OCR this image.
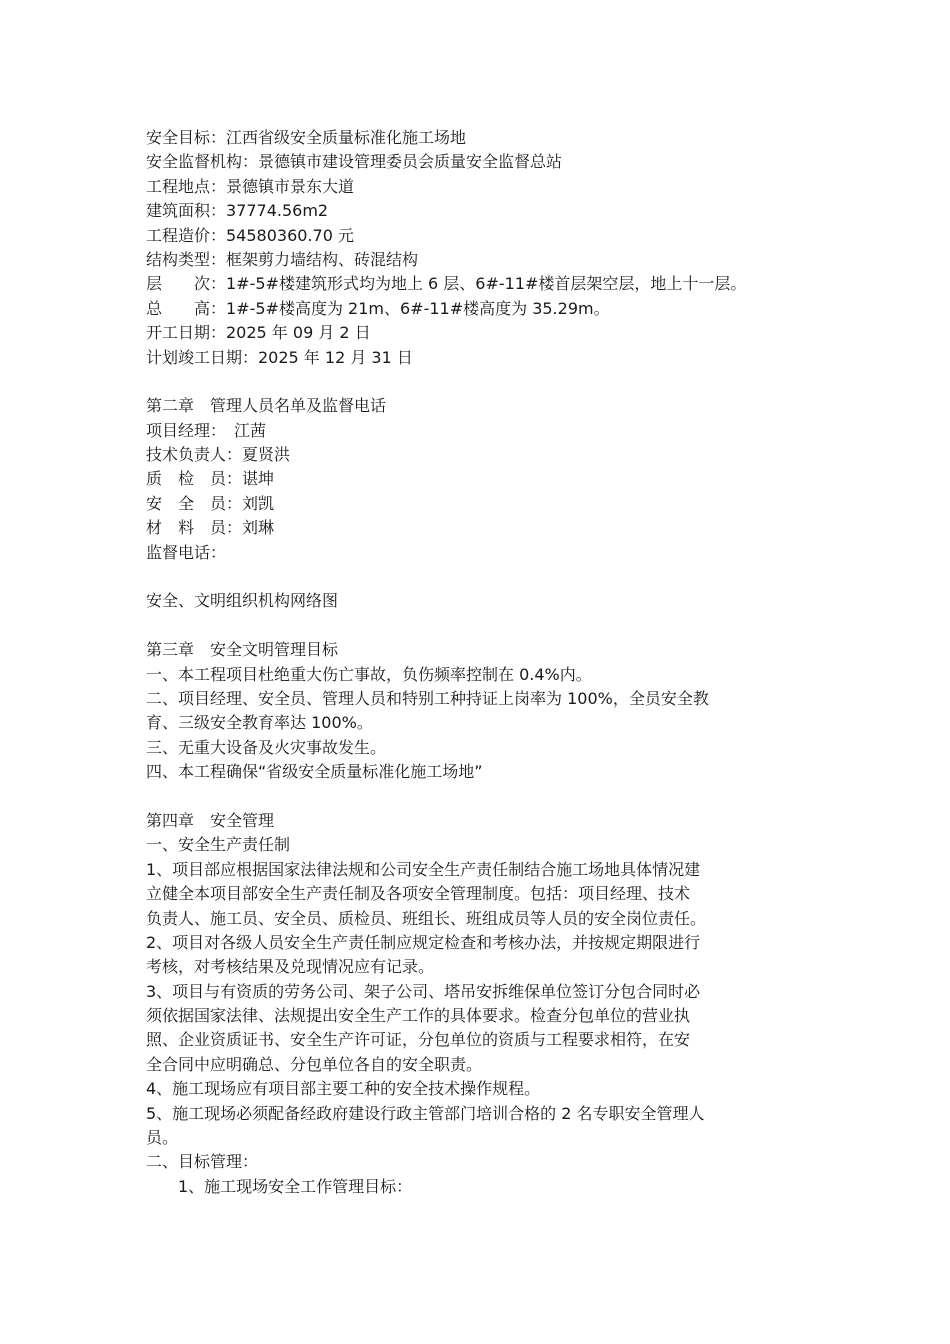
安全目标：江西省级安全质量标准化施工场地

安全监督机构：景德镇市建设管理委员会质量安全监督总站

工程地点：景德镇市景东大道

建筑面积：37774.56m2

工程造价：54580360.70 元

结构类型：框架剪力墙结构、砖混结构

层　　次：1#-5#楼建筑形式均为地上 6 层、6#-11#楼首层架空层，地上十一层。

总　　高：1#-5#楼高度为 21m、6#-11#楼高度为 35.29m。

开工日期：2025 年 09 月 2 日

计划竣工日期：2025 年 12 月 31 日

第二章　管理人员名单及监督电话

项目经理： 江茜

技术负责人：夏贤洪

质　检　员：谌坤

安　全　员：刘凯

材　料　员：刘琳

监督电话：

安全、文明组织机构网络图

第三章　安全文明管理目标

一、本工程项目杜绝重大伤亡事故，负伤频率控制在 0.4%内。

二、项目经理、安全员、管理人员和特别工种持证上岗率为 100%，全员安全教

育、三级安全教育率达 100%。

三、无重大设备及火灾事故发生。

四、本工程确保“省级安全质量标准化施工场地”

第四章　安全管理

一、安全生产责任制

1、项目部应根据国家法律法规和公司安全生产责任制结合施工场地具体情况建

立健全本项目部安全生产责任制及各项安全管理制度。包括：项目经理、技术

负责人、施工员、安全员、质检员、班组长、班组成员等人员的安全岗位责任。

2、项目对各级人员安全生产责任制应规定检查和考核办法，并按规定期限进行

考核，对考核结果及兑现情况应有记录。

3、项目与有资质的劳务公司、架子公司、塔吊安拆维保单位签订分包合同时必

须依据国家法律、法规提出安全生产工作的具体要求。检查分包单位的营业执

照、企业资质证书、安全生产许可证，分包单位的资质与工程要求相符，在安

全合同中应明确总、分包单位各自的安全职责。

4、施工现场应有项目部主要工种的安全技术操作规程。

5、施工现场必须配备经政府建设行政主管部门培训合格的 2 名专职安全管理人

员。

二、目标管理：

1、施工现场安全工作管理目标：
